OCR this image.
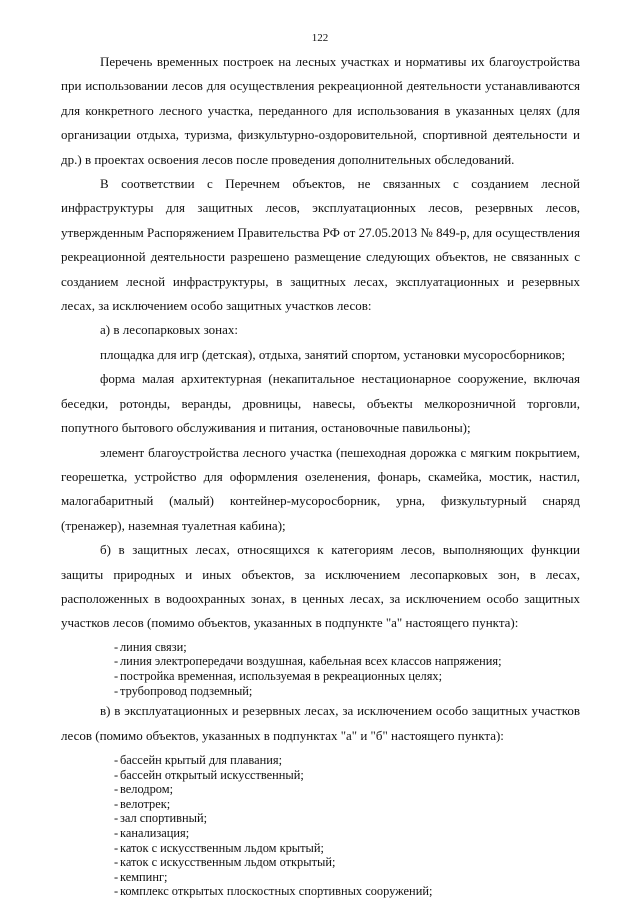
122

Перечень временных построек на лесных участках и нормативы их благоустройства при использовании лесов для осуществления рекреационной деятельности устанавливаются для конкретного лесного участка, переданного для использования в указанных целях (для организации отдыха, туризма, физкультурно-оздоровительной, спортивной деятельности и др.) в проектах освоения лесов после проведения дополнительных обследований.

В соответствии с Перечнем объектов, не связанных с созданием лесной инфраструктуры для защитных лесов, эксплуатационных лесов, резервных лесов, утвержденным Распоряжением Правительства РФ от 27.05.2013 № 849-р, для осуществления рекреационной деятельности разрешено размещение следующих объектов, не связанных с созданием лесной инфраструктуры, в защитных лесах, эксплуатационных и резервных лесах, за исключением особо защитных участков лесов:

а) в лесопарковых зонах:

площадка для игр (детская), отдыха, занятий спортом, установки мусоросборников;

форма малая архитектурная (некапитальное нестационарное сооружение, включая беседки, ротонды, веранды, дровницы, навесы, объекты мелкорозничной торговли, попутного бытового обслуживания и питания, остановочные павильоны);

элемент благоустройства лесного участка (пешеходная дорожка с мягким покрытием, георешетка, устройство для оформления озеленения, фонарь, скамейка, мостик, настил, малогабаритный (малый) контейнер-мусоросборник, урна, физкультурный снаряд (тренажер), наземная туалетная кабина);

б) в защитных лесах, относящихся к категориям лесов, выполняющих функции защиты природных и иных объектов, за исключением лесопарковых зон, в лесах, расположенных в водоохранных зонах, в ценных лесах, за исключением особо защитных участков лесов (помимо объектов, указанных в подпункте "а" настоящего пункта):

- линия связи;
- линия электропередачи воздушная, кабельная всех классов напряжения;
- постройка временная, используемая в рекреационных целях;
- трубопровод подземный;

в) в эксплуатационных и резервных лесах, за исключением особо защитных участков лесов (помимо объектов, указанных в подпунктах "а" и "б" настоящего пункта):

- бассейн крытый для плавания;
- бассейн открытый искусственный;
- велодром;
- велотрек;
- зал спортивный;
- канализация;
- каток с искусственным льдом крытый;
- каток с искусственным льдом открытый;
- кемпинг;
- комплекс открытых плоскостных спортивных сооружений;
